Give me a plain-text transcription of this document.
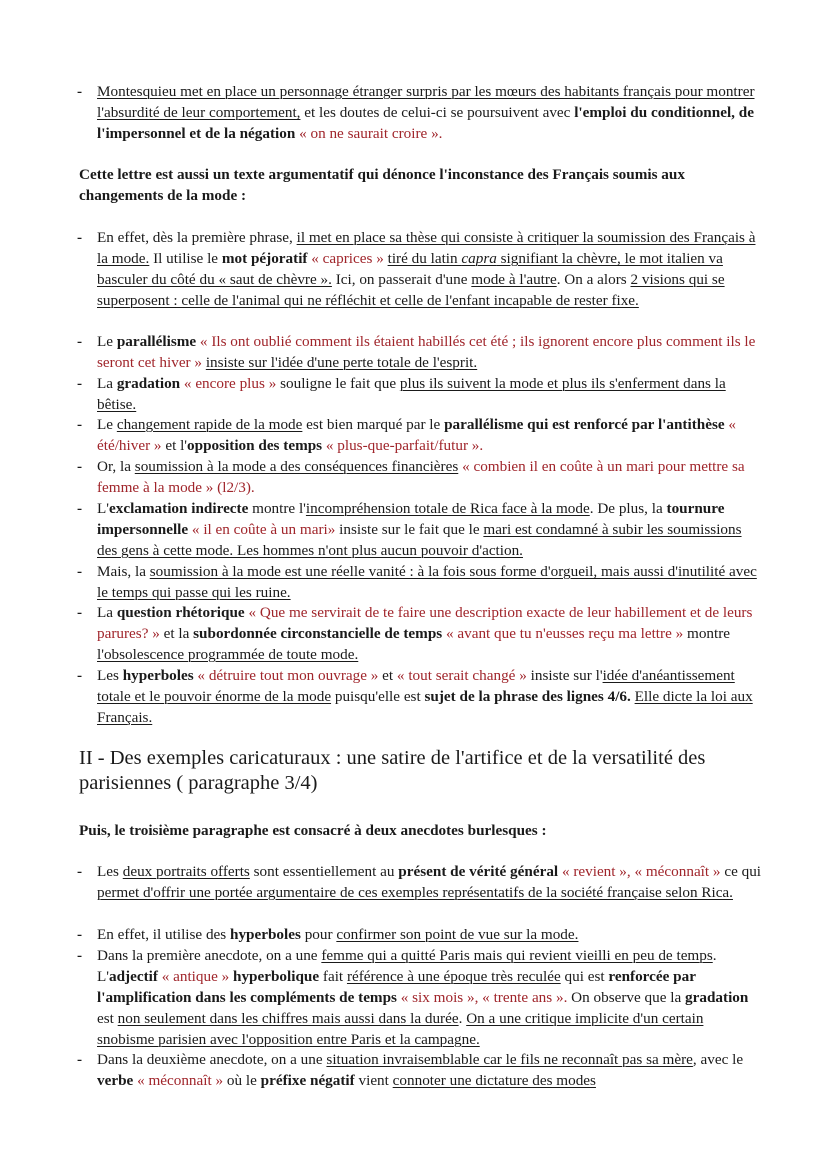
- Montesquieu met en place un personnage étranger surpris par les mœurs des habitants français pour montrer l'absurdité de leur comportement, et les doutes de celui-ci se poursuivent avec l'emploi du conditionnel, de l'impersonnel et de la négation « on ne saurait croire ».
Cette lettre est aussi un texte argumentatif qui dénonce l'inconstance des Français soumis aux changements de la mode :
- En effet, dès la première phrase, il met en place sa thèse qui consiste à critiquer la soumission des Français à la mode. Il utilise le mot péjoratif « caprices » tiré du latin capra signifiant la chèvre, le mot italien va basculer du côté du « saut de chèvre ». Ici, on passerait d'une mode à l'autre. On a alors 2 visions qui se superposent : celle de l'animal qui ne réfléchit et celle de l'enfant incapable de rester fixe.
- Le parallélisme « Ils ont oublié comment ils étaient habillés cet été ; ils ignorent encore plus comment ils le seront cet hiver » insiste sur l'idée d'une perte totale de l'esprit.
- La gradation « encore plus » souligne le fait que plus ils suivent la mode et plus ils s'enferment dans la bêtise.
- Le changement rapide de la mode est bien marqué par le parallélisme qui est renforcé par l'antithèse « été/hiver » et l'opposition des temps « plus-que-parfait/futur ».
- Or, la soumission à la mode a des conséquences financières « combien il en coûte à un mari pour mettre sa femme à la mode » (l2/3).
- L'exclamation indirecte montre l'incompréhension totale de Rica face à la mode. De plus, la tournure impersonnelle « il en coûte à un mari» insiste sur le fait que le mari est condamné à subir les soumissions des gens à cette mode. Les hommes n'ont plus aucun pouvoir d'action.
- Mais, la soumission à la mode est une réelle vanité : à la fois sous forme d'orgueil, mais aussi d'inutilité avec le temps qui passe qui les ruine.
- La question rhétorique « Que me servirait de te faire une description exacte de leur habillement et de leurs parures? » et la subordonnée circonstancielle de temps « avant que tu n'eusses reçu ma lettre » montre l'obsolescence programmée de toute mode.
- Les hyperboles « détruire tout mon ouvrage » et « tout serait changé » insiste sur l'idée d'anéantissement totale et le pouvoir énorme de la mode puisqu'elle est sujet de la phrase des lignes 4/6. Elle dicte la loi aux Français.
II - Des exemples caricaturaux : une satire de l'artifice et de la versatilité des parisiennes ( paragraphe 3/4)
Puis, le troisième paragraphe est consacré à deux anecdotes burlesques :
- Les deux portraits offerts sont essentiellement au présent de vérité général « revient », « méconnaît » ce qui permet d'offrir une portée argumentaire de ces exemples représentatifs de la société française selon Rica.
- En effet, il utilise des hyperboles pour confirmer son point de vue sur la mode.
- Dans la première anecdote, on a une femme qui a quitté Paris mais qui revient vieilli en peu de temps. L'adjectif « antique » hyperbolique fait référence à une époque très reculée qui est renforcée par l'amplification dans les compléments de temps « six mois », « trente ans ». On observe que la gradation est non seulement dans les chiffres mais aussi dans la durée. On a une critique implicite d'un certain snobisme parisien avec l'opposition entre Paris et la campagne.
- Dans la deuxième anecdote, on a une situation invraisemblable car le fils ne reconnaît pas sa mère, avec le verbe « méconnaît » où le préfixe négatif vient connoter une dictature des modes
